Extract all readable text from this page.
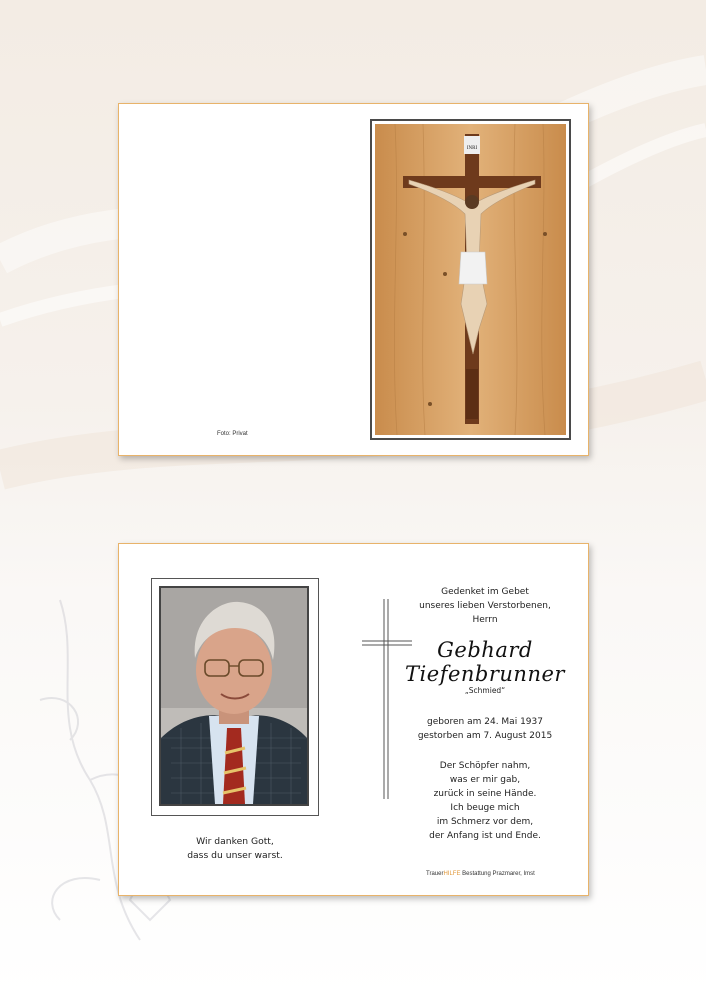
Foto: Privat
INRI
Wir danken Gott,
dass du unser warst.
Gedenket im Gebet
unseres lieben Verstorbenen,
Herrn
Gebhard
Tiefenbrunner
„Schmied“
geboren am 24. Mai 1937
gestorben am 7. August 2015
Der Schöpfer nahm,
was er mir gab,
zurück in seine Hände.
Ich beuge mich
im Schmerz vor dem,
der Anfang ist und Ende.
TrauerHILFE Bestattung Prazmarer, Imst
